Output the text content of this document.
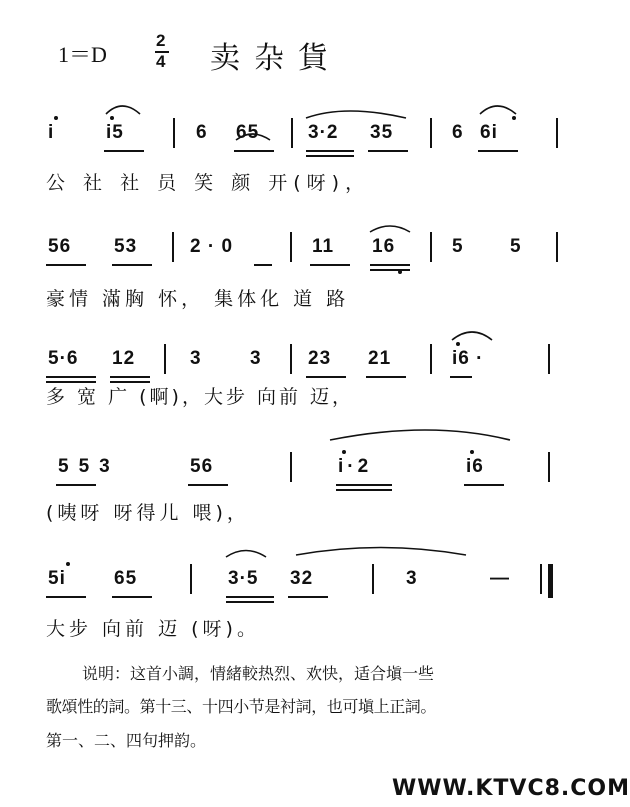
1＝D
2
4 卖杂貨
i	i5	6 65	3·2 35	6 6i
公 社 社 员 笑 颜 开(呀)，
56 53	2 · 0	11 16	5 5
豪情 滿胸 怀， 集体化 道 路
5·6 12	3	3 23 21	i6 ·
多 宽 广 (啊)，大步 向前 迈，
553	56	i·2	i6
(咦呀 呀得儿 喂)，
5i	65	3·5 32	3	—
大步 向前 迈 (呀)。
说明：这首小調，情緒較热烈、欢快，适合塡一些
歌頌性的詞。第十三、十四小节是衬詞，也可塡上正詞。
第一、二、四句押韵。
WWW.KTVC8.COM
